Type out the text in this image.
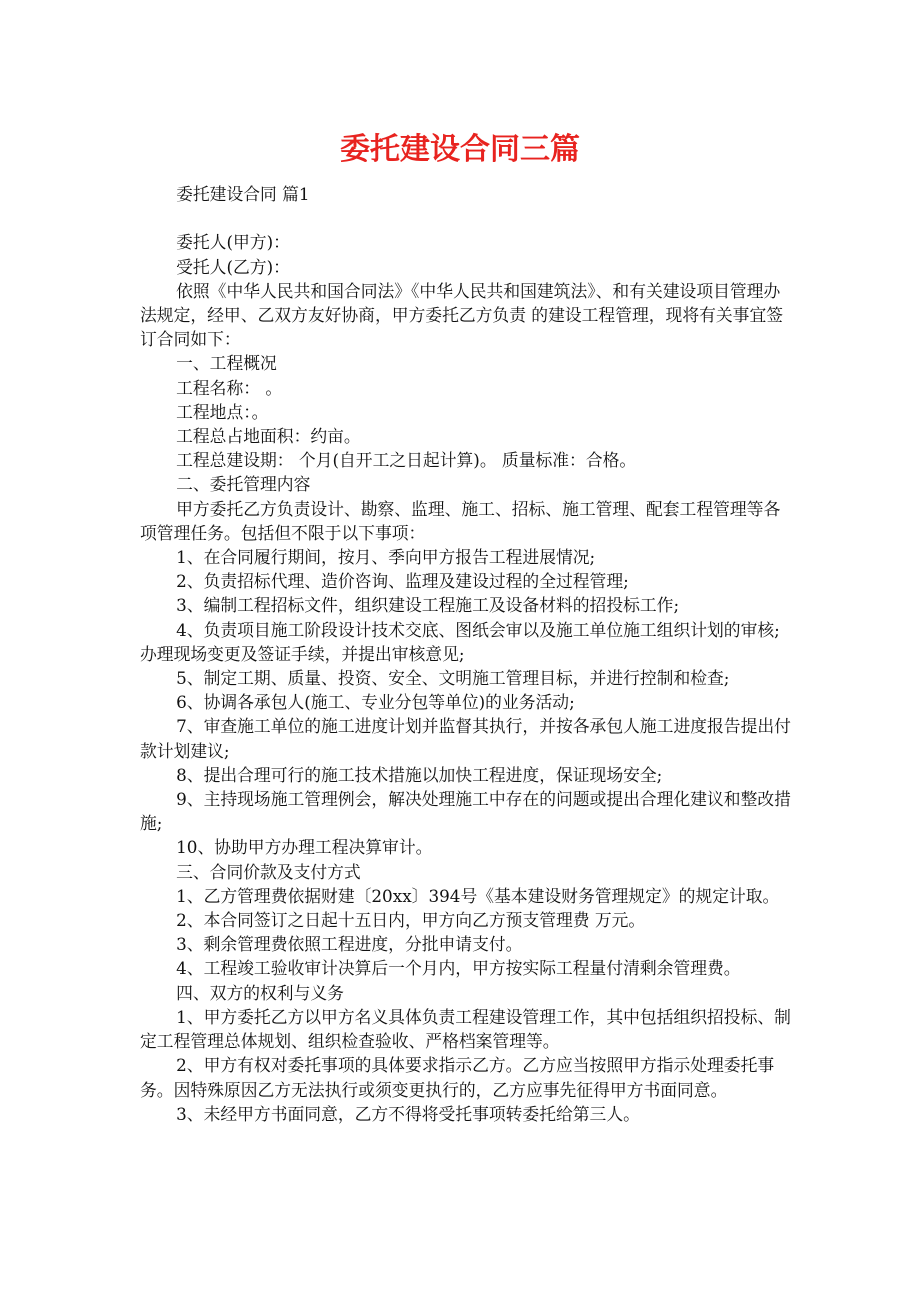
委托建设合同三篇

委托建设合同 篇1

委托人(甲方)：

受托人(乙方)：

依照《中华人民共和国合同法》《中华人民共和国建筑法》、和有关建设项目管理办法规定，经甲、乙双方友好协商，甲方委托乙方负责 的建设工程管理，现将有关事宜签订合同如下：

一、工程概况

工程名称： 。

工程地点：。

工程总占地面积：约亩。

工程总建设期： 个月(自开工之日起计算)。 质量标准：合格。

二、委托管理内容

甲方委托乙方负责设计、勘察、监理、施工、招标、施工管理、配套工程管理等各项管理任务。包括但不限于以下事项：

1、在合同履行期间，按月、季向甲方报告工程进展情况;

2、负责招标代理、造价咨询、监理及建设过程的全过程管理;

3、编制工程招标文件，组织建设工程施工及设备材料的招投标工作;

4、负责项目施工阶段设计技术交底、图纸会审以及施工单位施工组织计划的审核;办理现场变更及签证手续，并提出审核意见;

5、制定工期、质量、投资、安全、文明施工管理目标，并进行控制和检查;

6、协调各承包人(施工、专业分包等单位)的业务活动;

7、审查施工单位的施工进度计划并监督其执行，并按各承包人施工进度报告提出付款计划建议;

8、提出合理可行的施工技术措施以加快工程进度，保证现场安全;

9、主持现场施工管理例会，解决处理施工中存在的问题或提出合理化建议和整改措施;

10、协助甲方办理工程决算审计。

三、合同价款及支付方式

1、乙方管理费依据财建〔20xx〕394号《基本建设财务管理规定》的规定计取。

2、本合同签订之日起十五日内，甲方向乙方预支管理费 万元。

3、剩余管理费依照工程进度，分批申请支付。

4、工程竣工验收审计决算后一个月内，甲方按实际工程量付清剩余管理费。

四、双方的权利与义务

1、甲方委托乙方以甲方名义具体负责工程建设管理工作，其中包括组织招投标、制定工程管理总体规划、组织检查验收、严格档案管理等。

2、甲方有权对委托事项的具体要求指示乙方。乙方应当按照甲方指示处理委托事务。因特殊原因乙方无法执行或须变更执行的，乙方应事先征得甲方书面同意。

3、未经甲方书面同意，乙方不得将受托事项转委托给第三人。
